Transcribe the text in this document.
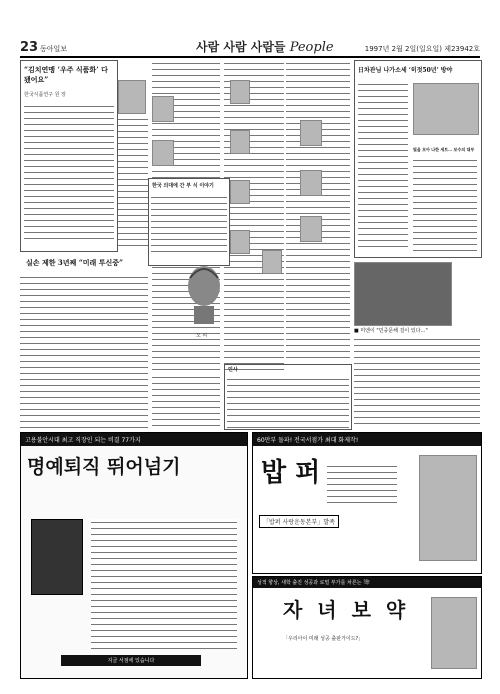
23 동아일보	사람 사람 사람들 People	1997년 2월 2일(일요일) 제23942호
“김치연맹 ‘우주 식품화’ 다 됐어요”
한국식품연구 원 장
실손 제한 3년째 “미래 투신중”
오 씨
한국 의대에 간 부 식 이야기
日차관님 나가소세 ‘히젓50년’ 방야
빛을 모아 나한 세트… 보수의 대부
■ 미엔이 "민중문해 걸이 있다…"
인사
고용불안시대 최고 직장인 되는 비결 77가지
명예퇴직 뛰어넘기
지금 서점에 있습니다
60만부 돌파! 전국서점가 최대 화제작!
밥 퍼
「밥퍼 사랑운동본부」발족
성적 향상, 새학 출진 성공과 로밀 부가를 차른는 책!
자 녀 보 약
「우리아이 미래 성공 출판가이드?」
